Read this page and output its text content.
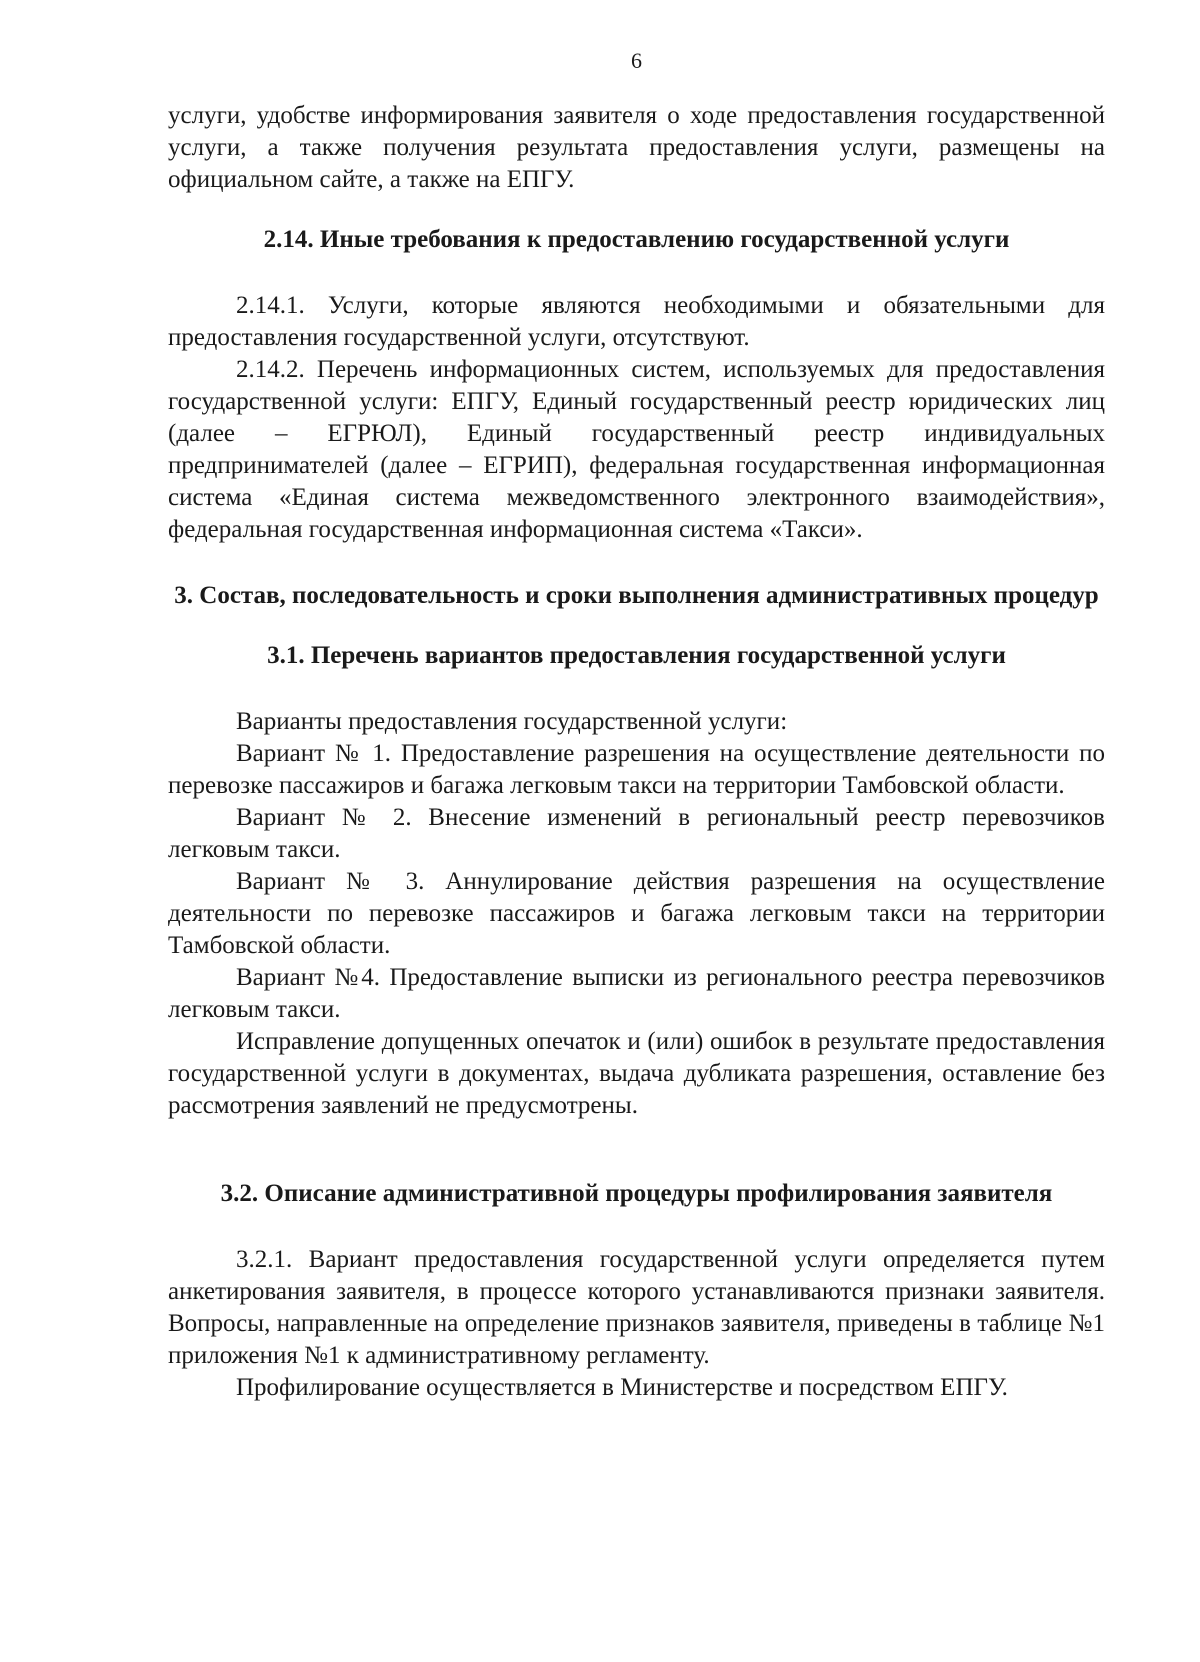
6

услуги, удобстве информирования заявителя о ходе предоставления государственной услуги, а также получения результата предоставления услуги, размещены на официальном сайте, а также на ЕПГУ.

2.14. Иные требования к предоставлению государственной услуги

2.14.1. Услуги, которые являются необходимыми и обязательными для предоставления государственной услуги, отсутствуют.

2.14.2. Перечень информационных систем, используемых для предоставления государственной услуги: ЕПГУ, Единый государственный реестр юридических лиц (далее – ЕГРЮЛ), Единый государственный реестр индивидуальных предпринимателей (далее – ЕГРИП), федеральная государственная информационная система «Единая система межведомственного электронного взаимодействия», федеральная государственная информационная система «Такси».

3. Состав, последовательность и сроки выполнения административных процедур
3.1. Перечень вариантов предоставления государственной услуги

Варианты предоставления государственной услуги:

Вариант № 1. Предоставление разрешения на осуществление деятельности по перевозке пассажиров и багажа легковым такси на территории Тамбовской области.

Вариант № 2. Внесение изменений в региональный реестр перевозчиков легковым такси.

Вариант № 3. Аннулирование действия разрешения на осуществление деятельности по перевозке пассажиров и багажа легковым такси на территории Тамбовской области.

Вариант №4. Предоставление выписки из регионального реестра перевозчиков легковым такси.

Исправление допущенных опечаток и (или) ошибок в результате предоставления государственной услуги в документах, выдача дубликата разрешения, оставление без рассмотрения заявлений не предусмотрены.

3.2. Описание административной процедуры профилирования заявителя

3.2.1. Вариант предоставления государственной услуги определяется путем анкетирования заявителя, в процессе которого устанавливаются признаки заявителя. Вопросы, направленные на определение признаков заявителя, приведены в таблице №1 приложения №1 к административному регламенту.

Профилирование осуществляется в Министерстве и посредством ЕПГУ.
